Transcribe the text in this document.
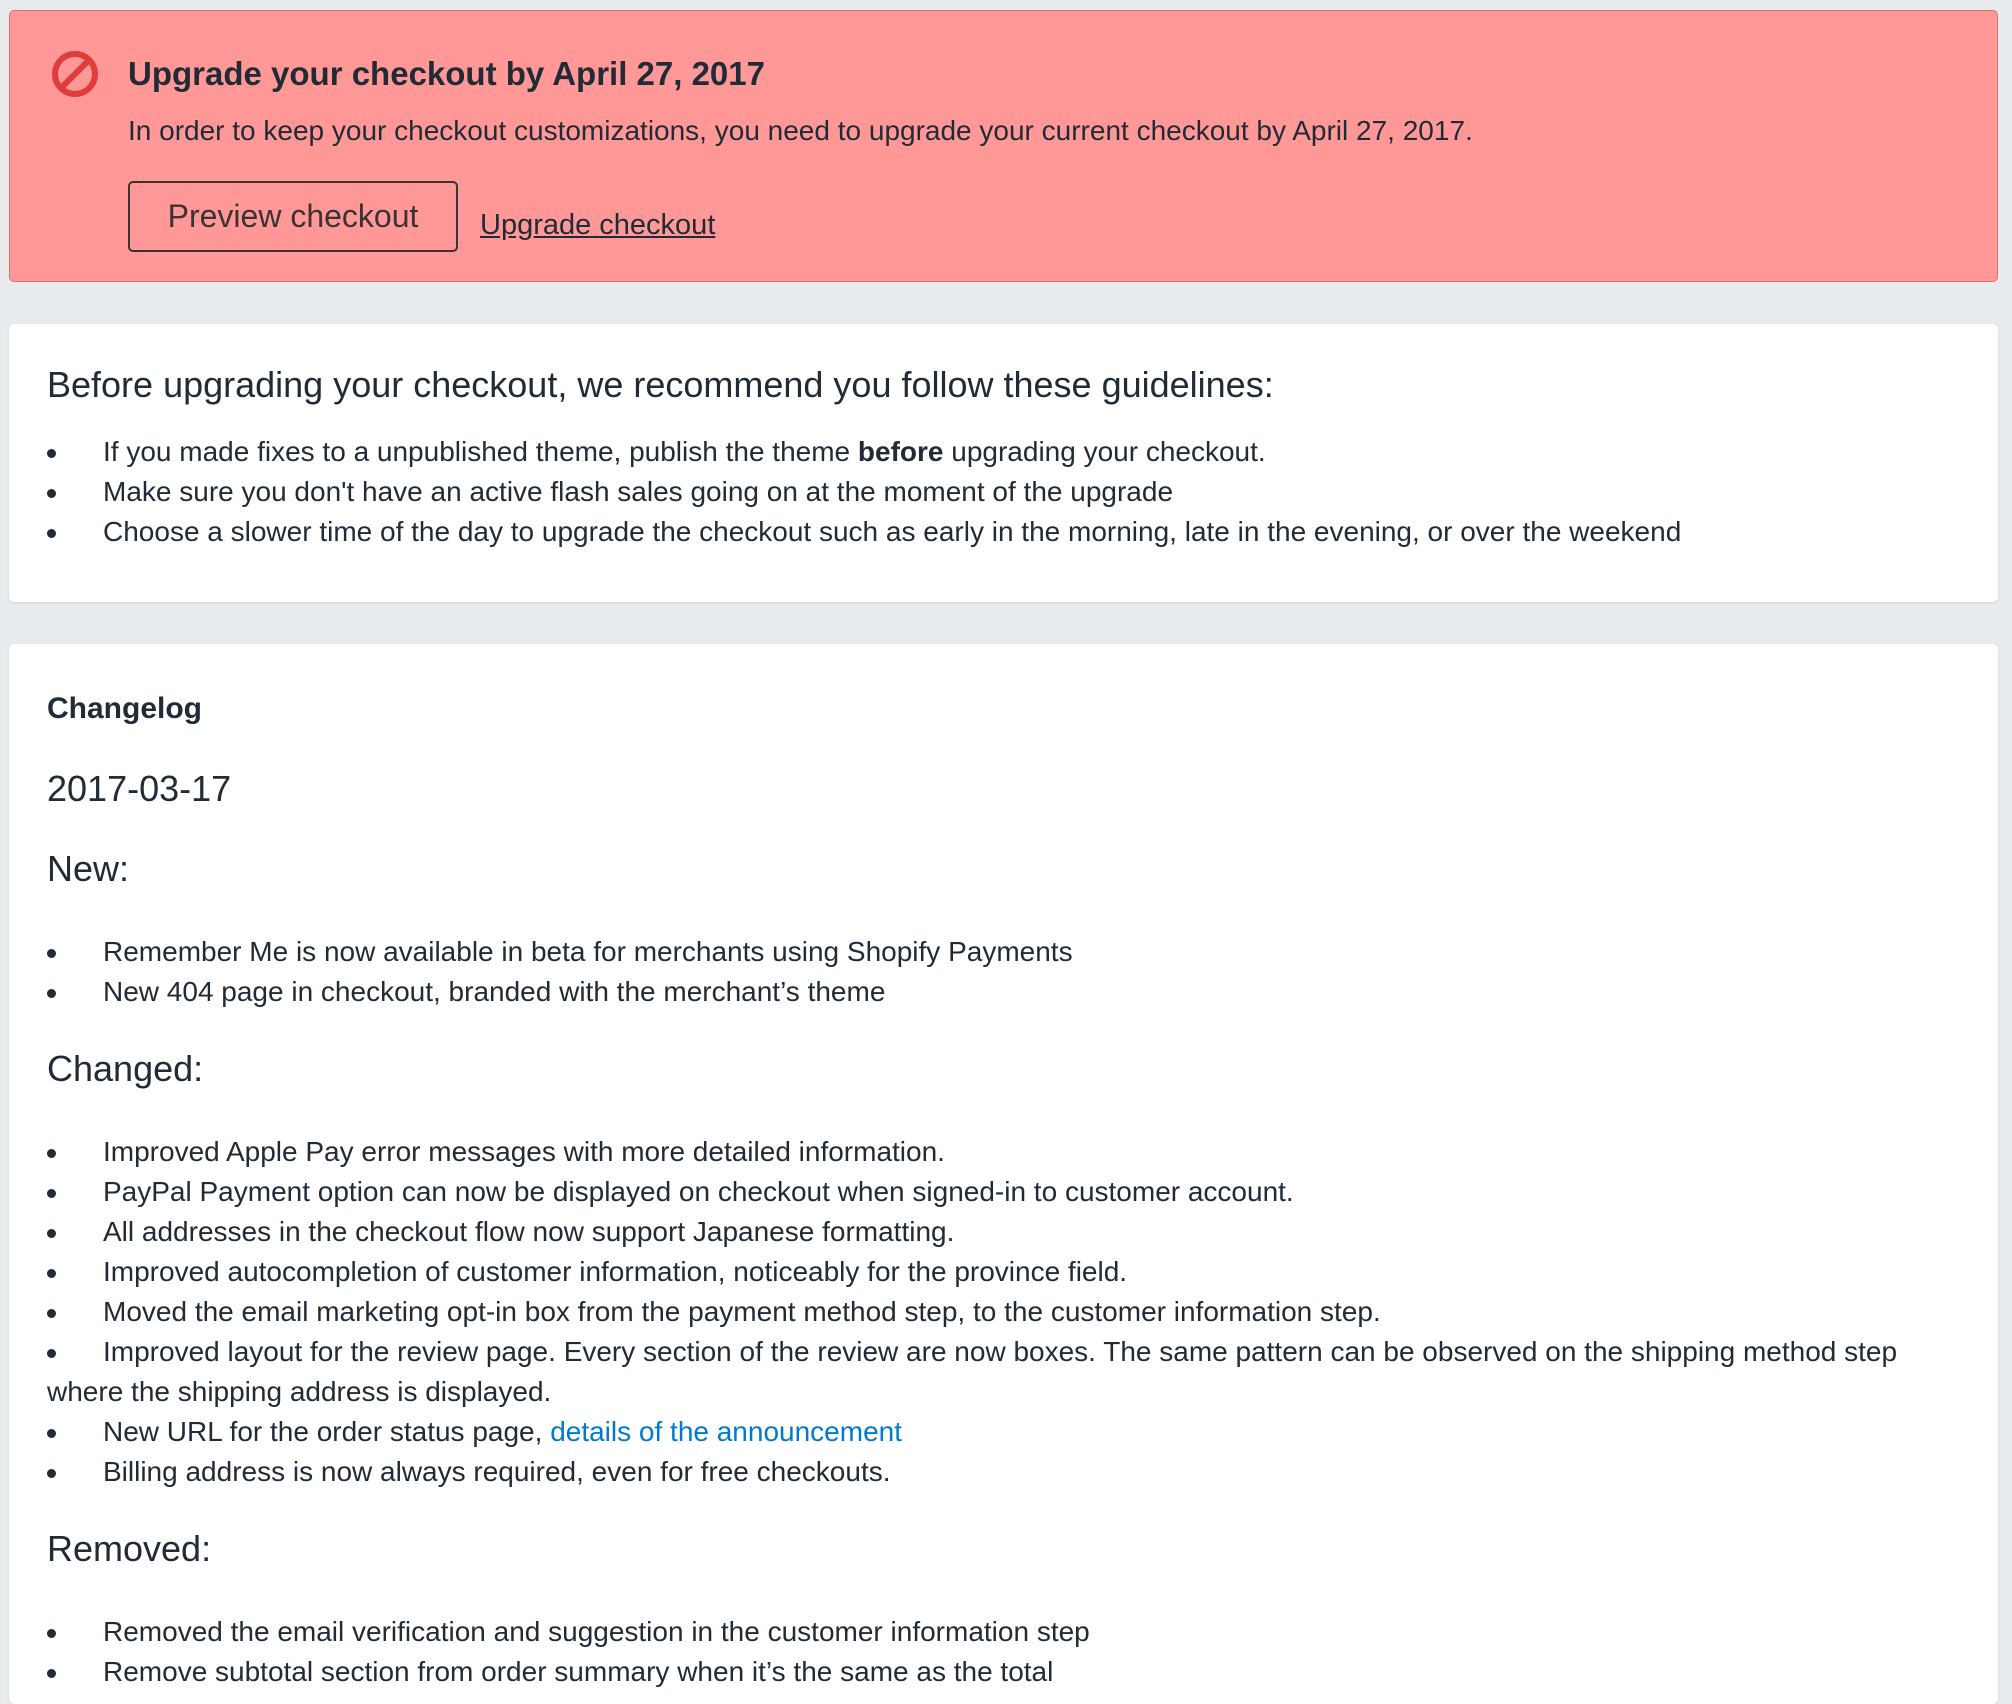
Upgrade your checkout by April 27, 2017
In order to keep your checkout customizations, you need to upgrade your current checkout by April 27, 2017.
Preview checkout	Upgrade checkout
Before upgrading your checkout, we recommend you follow these guidelines:
If you made fixes to a unpublished theme, publish the theme before upgrading your checkout.
Make sure you don't have an active flash sales going on at the moment of the upgrade
Choose a slower time of the day to upgrade the checkout such as early in the morning, late in the evening, or over the weekend
Changelog
2017-03-17
New:
Remember Me is now available in beta for merchants using Shopify Payments
New 404 page in checkout, branded with the merchant’s theme
Changed:
Improved Apple Pay error messages with more detailed information.
PayPal Payment option can now be displayed on checkout when signed-in to customer account.
All addresses in the checkout flow now support Japanese formatting.
Improved autocompletion of customer information, noticeably for the province field.
Moved the email marketing opt-in box from the payment method step, to the customer information step.
Improved layout for the review page. Every section of the review are now boxes. The same pattern can be observed on the shipping method step where the shipping address is displayed.
New URL for the order status page, details of the announcement
Billing address is now always required, even for free checkouts.
Removed:
Removed the email verification and suggestion in the customer information step
Remove subtotal section from order summary when it’s the same as the total
